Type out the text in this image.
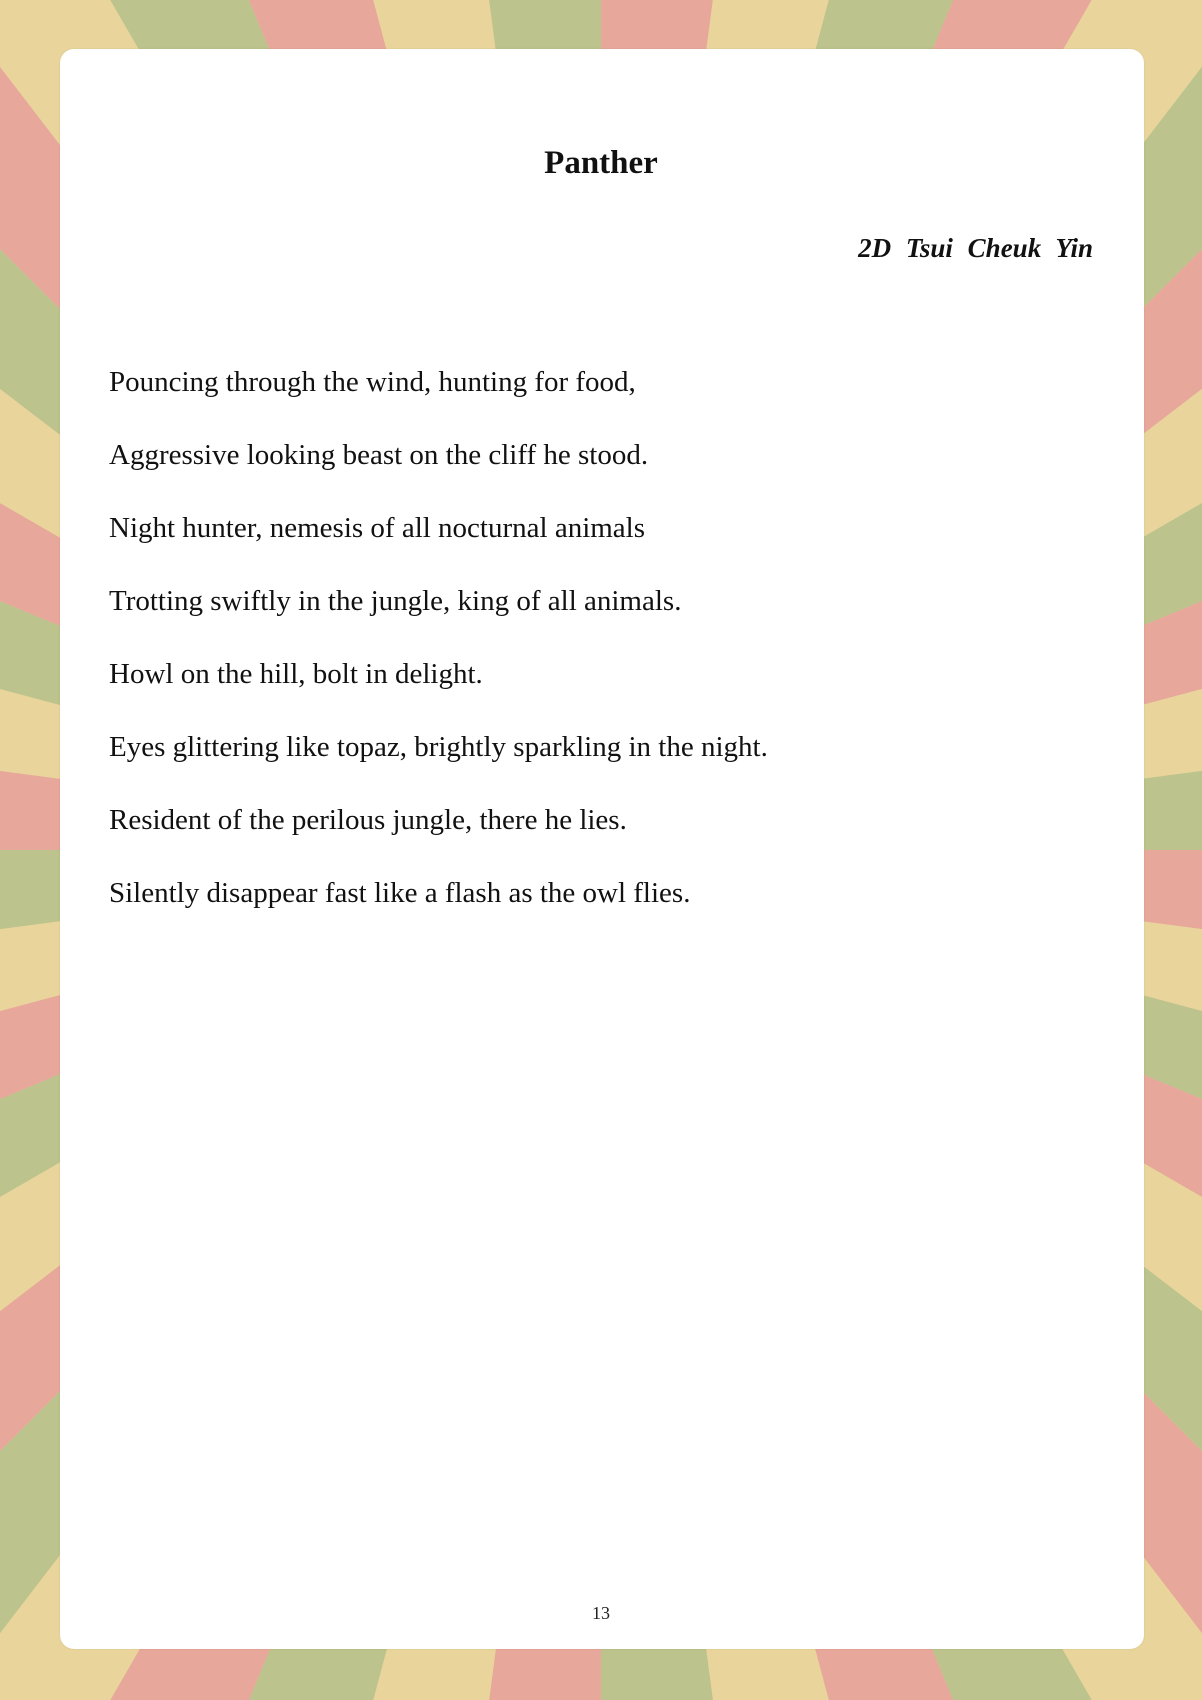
Panther

2D Tsui Cheuk Yin

Pouncing through the wind, hunting for food,
Aggressive looking beast on the cliff he stood.
Night hunter, nemesis of all nocturnal animals
Trotting swiftly in the jungle, king of all animals.
Howl on the hill, bolt in delight.
Eyes glittering like topaz, brightly sparkling in the night.
Resident of the perilous jungle, there he lies.
Silently disappear fast like a flash as the owl flies.
13
